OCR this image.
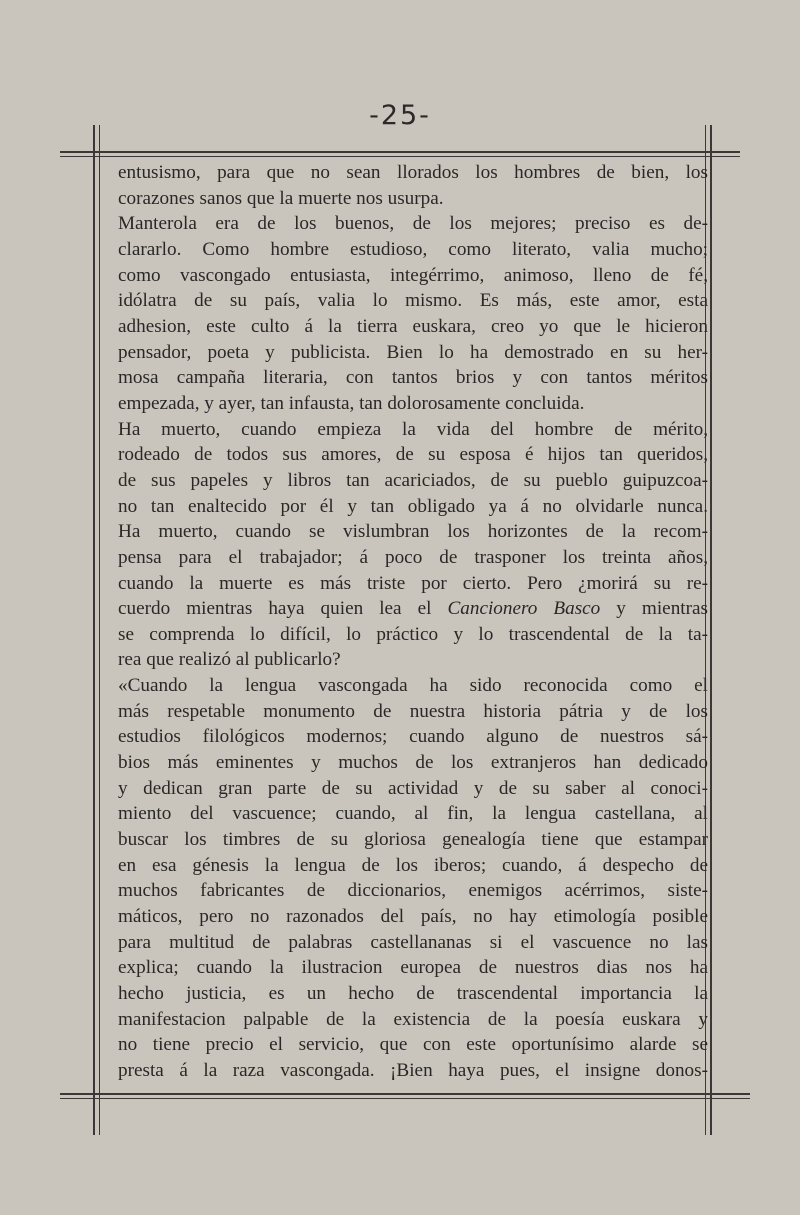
-25-

entusismo, para que no sean llorados los hombres de bien, los

corazones sanos que la muerte nos usurpa.

Manterola era de los buenos, de los mejores; preciso es de-

clararlo. Como hombre estudioso, como literato, valia mucho;

como vascongado entusiasta, integérrimo, animoso, lleno de fé,

idólatra de su país, valia lo mismo. Es más, este amor, esta

adhesion, este culto á la tierra euskara, creo yo que le hicieron

pensador, poeta y publicista. Bien lo ha demostrado en su her-

mosa campaña literaria, con tantos brios y con tantos méritos

empezada, y ayer, tan infausta, tan dolorosamente concluida.

Ha muerto, cuando empieza la vida del hombre de mérito,

rodeado de todos sus amores, de su esposa é hijos tan queridos,

de sus papeles y libros tan acariciados, de su pueblo guipuzcoa-

no tan enaltecido por él y tan obligado ya á no olvidarle nunca.

Ha muerto, cuando se vislumbran los horizontes de la recom-

pensa para el trabajador; á poco de trasponer los treinta años,

cuando la muerte es más triste por cierto. Pero ¿morirá su re-

cuerdo mientras haya quien lea el Cancionero Basco y mientras

se comprenda lo difícil, lo práctico y lo trascendental de la ta-

rea que realizó al publicarlo?

«Cuando la lengua vascongada ha sido reconocida como el

más respetable monumento de nuestra historia pátria y de los

estudios filológicos modernos; cuando alguno de nuestros sá-

bios más eminentes y muchos de los extranjeros han dedicado

y dedican gran parte de su actividad y de su saber al conoci-

miento del vascuence; cuando, al fin, la lengua castellana, al

buscar los timbres de su gloriosa genealogía tiene que estampar

en esa génesis la lengua de los iberos; cuando, á despecho de

muchos fabricantes de diccionarios, enemigos acérrimos, siste-

máticos, pero no razonados del país, no hay etimología posible

para multitud de palabras castellananas si el vascuence no las

explica; cuando la ilustracion europea de nuestros dias nos ha

hecho justicia, es un hecho de trascendental importancia la

manifestacion palpable de la existencia de la poesía euskara y

no tiene precio el servicio, que con este oportunísimo alarde se

presta á la raza vascongada. ¡Bien haya pues, el insigne donos-
